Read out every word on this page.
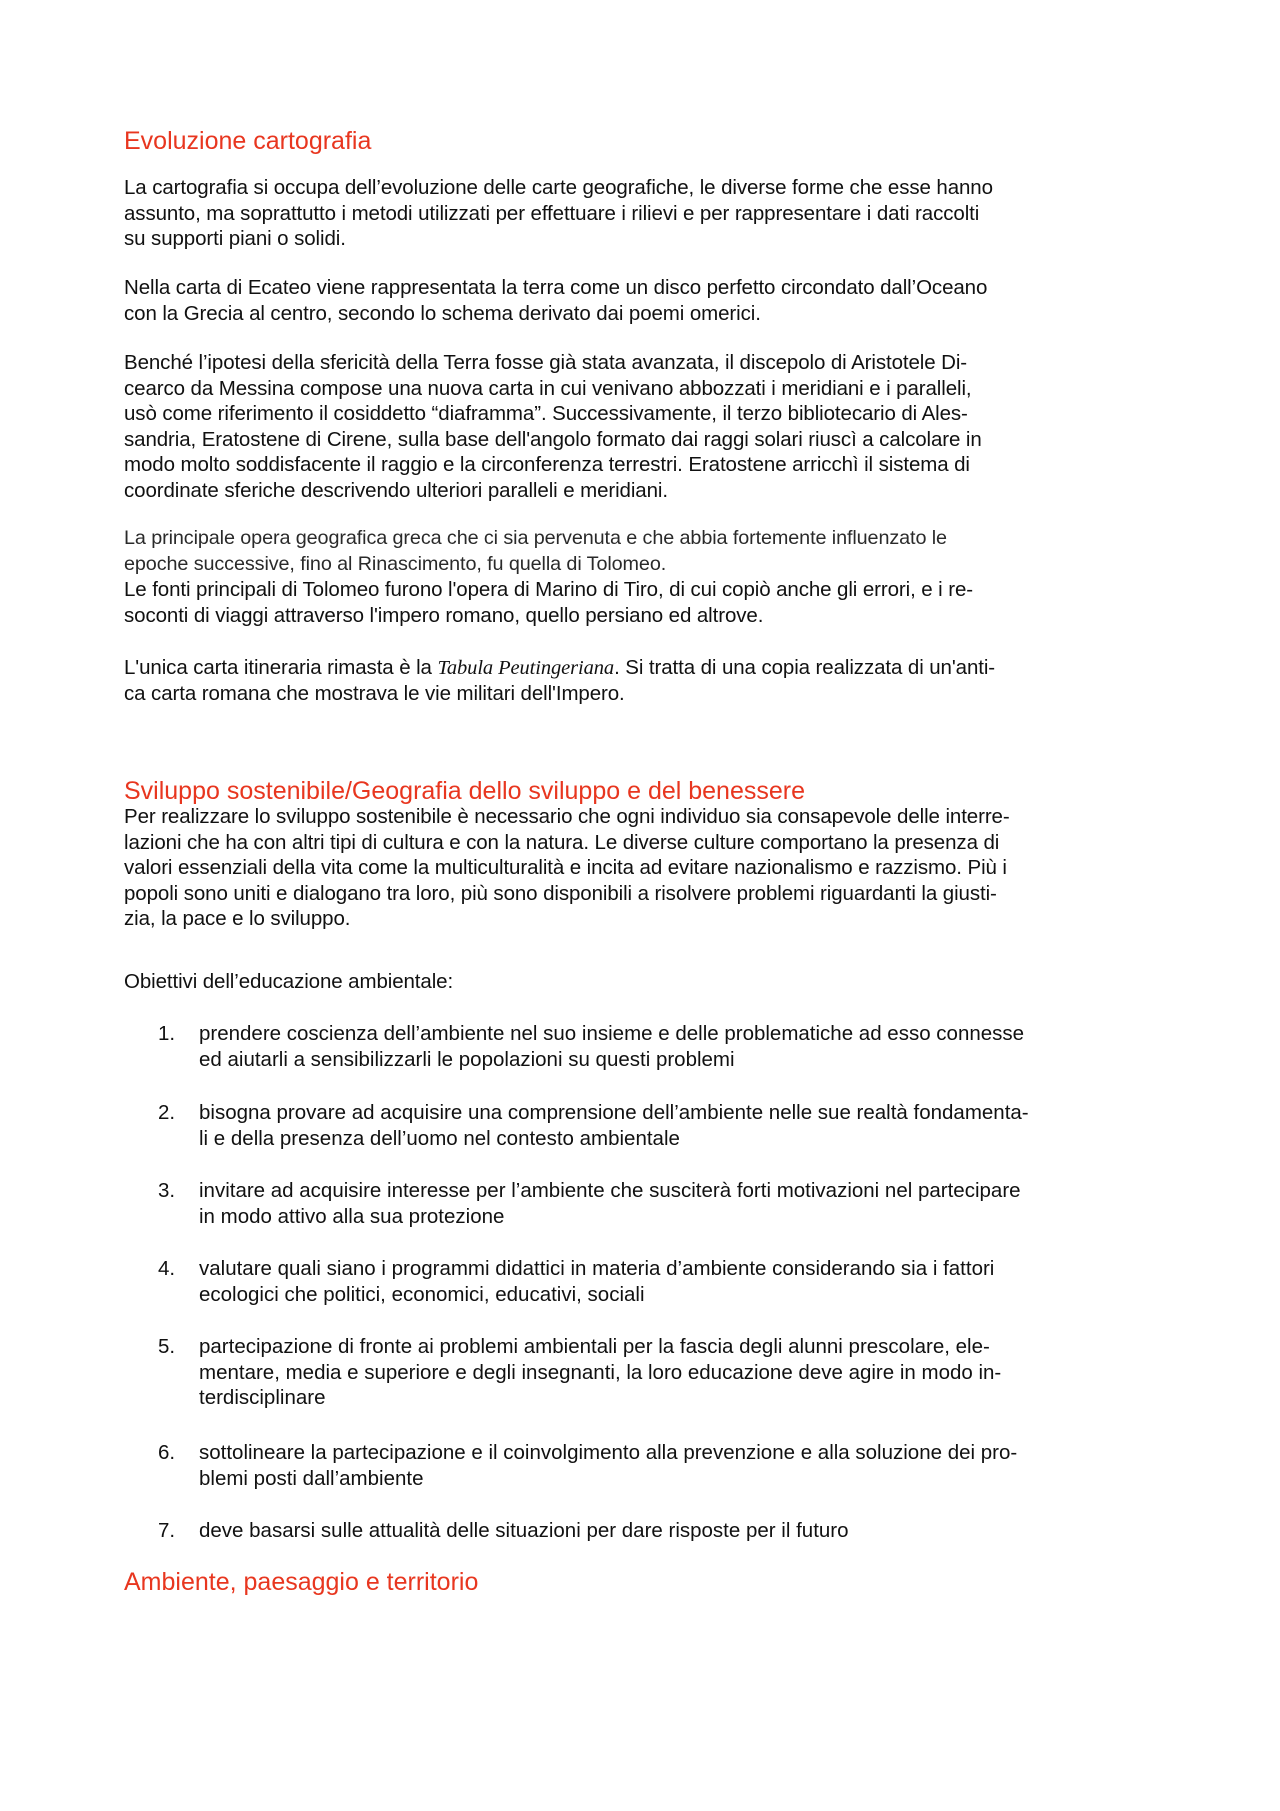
Evoluzione cartografia

La cartografia si occupa dell’evoluzione delle carte geografiche, le diverse forme che esse hanno
assunto, ma soprattutto i metodi utilizzati per effettuare i rilievi e per rappresentare i dati raccolti
su supporti piani o solidi.

Nella carta di Ecateo viene rappresentata la terra come un disco perfetto circondato dall’Oceano
con la Grecia al centro, secondo lo schema derivato dai poemi omerici.

Benché l’ipotesi della sfericità della Terra fosse già stata avanzata, il discepolo di Aristotele Di-
cearco da Messina compose una nuova carta in cui venivano abbozzati i meridiani e i paralleli,
usò come riferimento il cosiddetto “diaframma”. Successivamente, il terzo bibliotecario di Ales-
sandria, Eratostene di Cirene, sulla base dell'angolo formato dai raggi solari riuscì a calcolare in
modo molto soddisfacente il raggio e la circonferenza terrestri. Eratostene arricchì il sistema di
coordinate sferiche descrivendo ulteriori paralleli e meridiani.

La principale opera geografica greca che ci sia pervenuta e che abbia fortemente influenzato le
epoche successive, fino al Rinascimento, fu quella di Tolomeo.

Le fonti principali di Tolomeo furono l'opera di Marino di Tiro, di cui copiò anche gli errori, e i re-
soconti di viaggi attraverso l'impero romano, quello persiano ed altrove.

L'unica carta itineraria rimasta è la Tabula Peutingeriana. Si tratta di una copia realizzata di un'anti-

ca carta romana che mostrava le vie militari dell'Impero.

Sviluppo sostenibile/Geografia dello sviluppo e del benessere

Per realizzare lo sviluppo sostenibile è necessario che ogni individuo sia consapevole delle interre-
lazioni che ha con altri tipi di cultura e con la natura. Le diverse culture comportano la presenza di
valori essenziali della vita come la multiculturalità e incita ad evitare nazionalismo e razzismo. Più i
popoli sono uniti e dialogano tra loro, più sono disponibili a risolvere problemi riguardanti la giusti-
zia, la pace e lo sviluppo.

Obiettivi dell’educazione ambientale:

1.	prendere coscienza dell’ambiente nel suo insieme e delle problematiche ad esso connesse
ed aiutarli a sensibilizzarli le popolazioni su questi problemi
2.	bisogna provare ad acquisire una comprensione dell’ambiente nelle sue realtà fondamenta-
li e della presenza dell’uomo nel contesto ambientale
3.	invitare ad acquisire interesse per l’ambiente che susciterà forti motivazioni nel partecipare
in modo attivo alla sua protezione
4.	valutare quali siano i programmi didattici in materia d’ambiente considerando sia i fattori
ecologici che politici, economici, educativi, sociali
5.	partecipazione di fronte ai problemi ambientali per la fascia degli alunni prescolare, ele-
mentare, media e superiore e degli insegnanti, la loro educazione deve agire in modo in-
terdisciplinare
6.	sottolineare la partecipazione e il coinvolgimento alla prevenzione e alla soluzione dei pro-
blemi posti dall’ambiente
7.	deve basarsi sulle attualità delle situazioni per dare risposte per il futuro
Ambiente, paesaggio e territorio
